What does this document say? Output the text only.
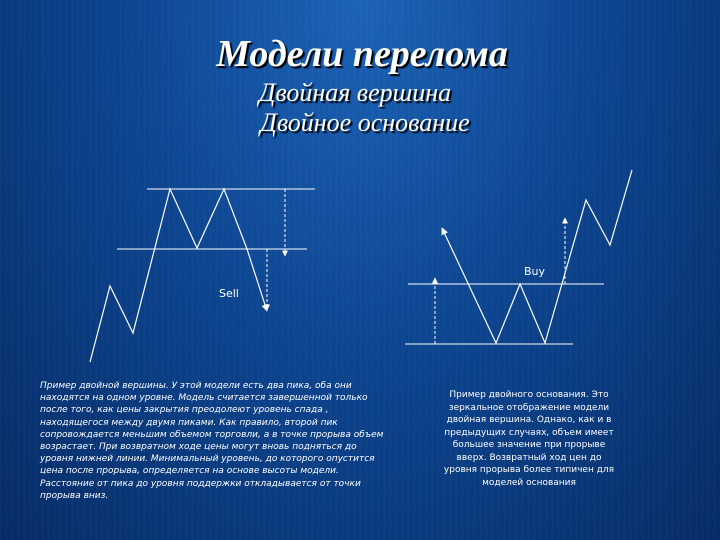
Модели перелома
Двойная вершина
Двойное основание
Sell
Buy
Пример двойной вершины. У этой модели есть два пика, оба они находятся на одном уровне. Модель считается завершенной только после того, как цены закрытия преодолеют уровень спада , находящегося между двумя пиками. Как правило, второй пик сопровождается меньшим объемом торговли, а в точке прорыва объем возрастает. При возвратном ходе цены могут вновь подняться до уровня нижней линии. Минимальный уровень, до которого опустится цена после прорыва, определяется на основе высоты модели. Расстояние от пика до уровня поддержки откладывается от точки прорыва вниз.
Пример двойного основания. Это зеркальное отображение модели двойная вершина. Однако, как и в предыдущих случаях, объем имеет большее значение при прорыве вверх. Возвратный ход цен до уровня прорыва более типичен для моделей основания
